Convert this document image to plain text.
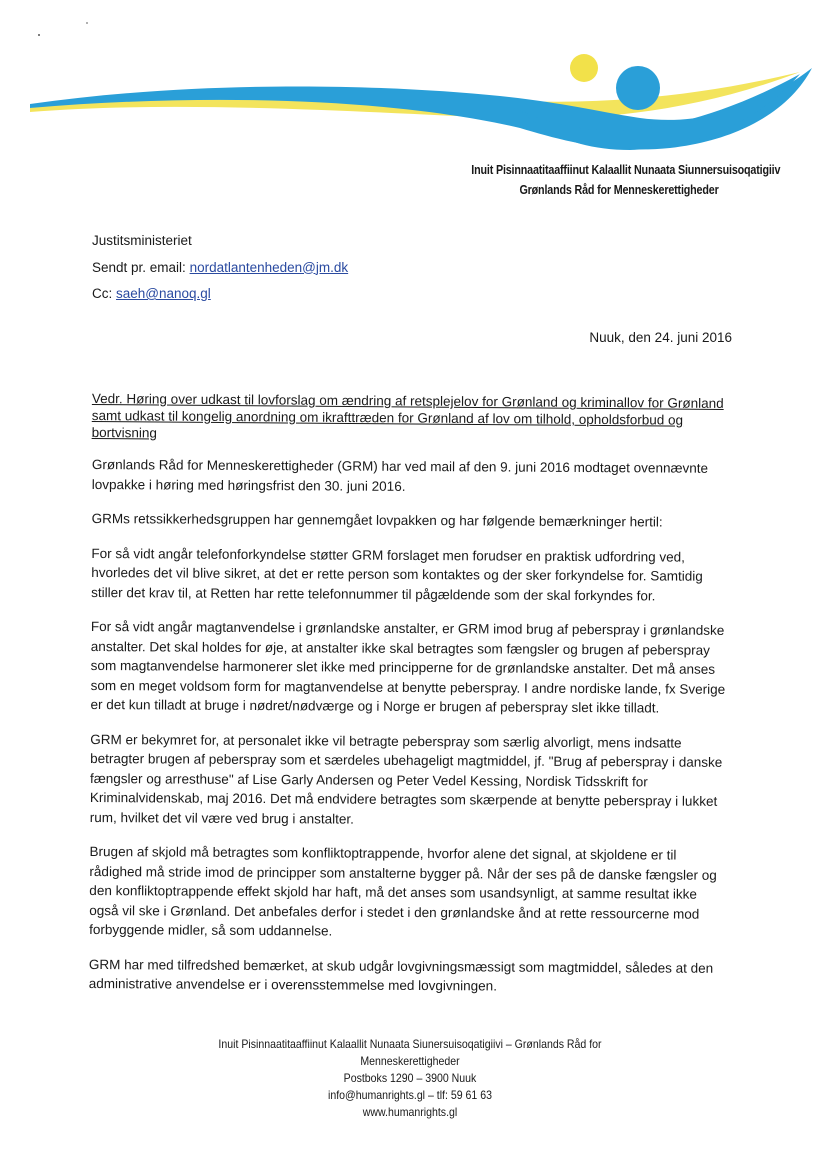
Inuit Pisinnaatitaaffiinut Kalaallit Nunaata Siunnersuisoqatigiiv
Grønlands Råd for Menneskerettigheder
Justitsministeriet
Sendt pr. email: nordatlantenheden@jm.dk
Cc: saeh@nanoq.gl
Nuuk, den 24. juni 2016
Vedr. Høring over udkast til lovforslag om ændring af retsplejelov for Grønland og kriminallov for Grønland samt udkast til kongelig anordning om ikrafttræden for Grønland af lov om tilhold, opholdsforbud og bortvisning

Grønlands Råd for Menneskerettigheder (GRM) har ved mail af den 9. juni 2016 modtaget ovennævnte lovpakke i høring med høringsfrist den 30. juni 2016.

GRMs retssikkerhedsgruppen har gennemgået lovpakken og har følgende bemærkninger hertil:

For så vidt angår telefonforkyndelse støtter GRM forslaget men forudser en praktisk udfordring ved, hvorledes det vil blive sikret, at det er rette person som kontaktes og der sker forkyndelse for. Samtidig stiller det krav til, at Retten har rette telefonnummer til pågældende som der skal forkyndes for.

For så vidt angår magtanvendelse i grønlandske anstalter, er GRM imod brug af peberspray i grønlandske anstalter. Det skal holdes for øje, at anstalter ikke skal betragtes som fængsler og brugen af peberspray som magtanvendelse harmonerer slet ikke med principperne for de grønlandske anstalter. Det må anses som en meget voldsom form for magtanvendelse at benytte peberspray. I andre nordiske lande, fx Sverige er det kun tilladt at bruge i nødret/nødværge og i Norge er brugen af peberspray slet ikke tilladt.

GRM er bekymret for, at personalet ikke vil betragte peberspray som særlig alvorligt, mens indsatte betragter brugen af peberspray som et særdeles ubehageligt magtmiddel, jf. "Brug af peberspray i danske fængsler og arresthuse" af Lise Garly Andersen og Peter Vedel Kessing, Nordisk Tidsskrift for Kriminalvidenskab, maj 2016. Det må endvidere betragtes som skærpende at benytte peberspray i lukket rum, hvilket det vil være ved brug i anstalter.

Brugen af skjold må betragtes som konfliktoptrappende, hvorfor alene det signal, at skjoldene er til rådighed må stride imod de principper som anstalterne bygger på. Når der ses på de danske fængsler og den konfliktoptrappende effekt skjold har haft, må det anses som usandsynligt, at samme resultat ikke også vil ske i Grønland. Det anbefales derfor i stedet i den grønlandske ånd at rette ressourcerne mod forbyggende midler, så som uddannelse.

GRM har med tilfredshed bemærket, at skub udgår lovgivningsmæssigt som magtmiddel, således at den administrative anvendelse er i overensstemmelse med lovgivningen.

Inuit Pisinnaatitaaffiinut Kalaallit Nunaata Siunersuisoqatigiivi – Grønlands Råd for Menneskerettigheder
Postboks 1290 – 3900 Nuuk
info@humanrights.gl – tlf: 59 61 63
www.humanrights.gl
